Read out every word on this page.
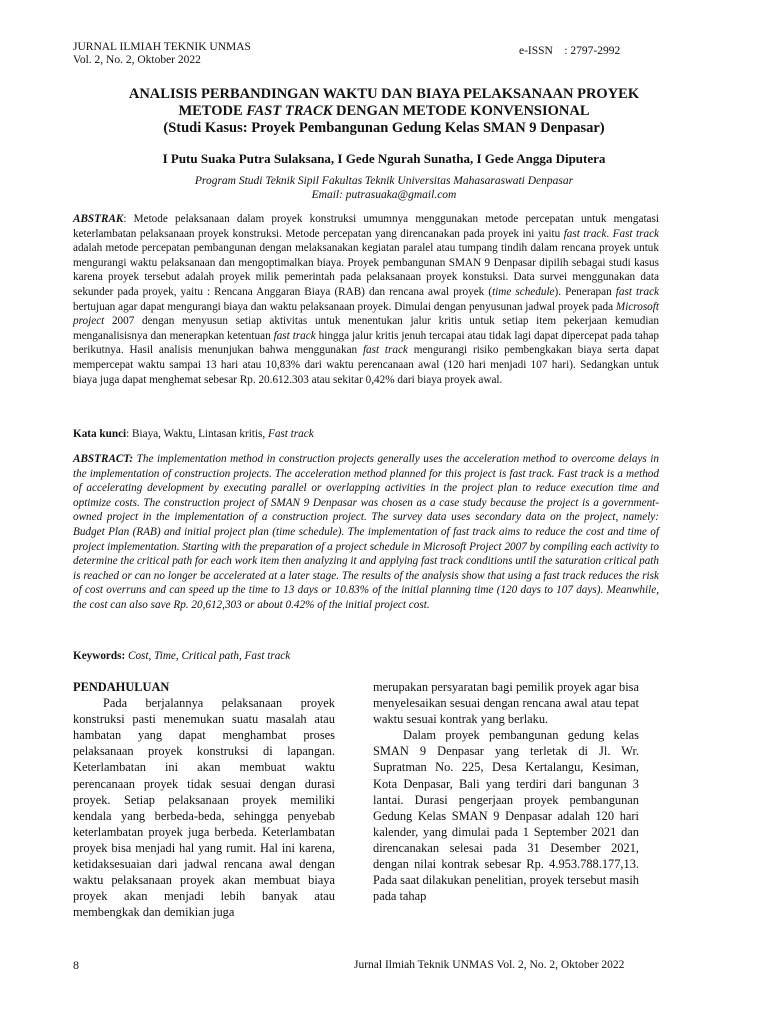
JURNAL ILMIAH TEKNIK UNMAS
Vol. 2, No. 2, Oktober 2022
e-ISSN    : 2797-2992
ANALISIS PERBANDINGAN WAKTU DAN BIAYA PELAKSANAAN PROYEK
METODE FAST TRACK DENGAN METODE KONVENSIONAL
(Studi Kasus: Proyek Pembangunan Gedung Kelas SMAN 9 Denpasar)
I Putu Suaka Putra Sulaksana, I Gede Ngurah Sunatha, I Gede Angga Diputera
Program Studi Teknik Sipil Fakultas Teknik Universitas Mahasaraswati Denpasar
Email: putrasuaka@gmail.com
ABSTRAK: Metode pelaksanaan dalam proyek konstruksi umumnya menggunakan metode percepatan untuk mengatasi keterlambatan pelaksanaan proyek konstruksi. Metode percepatan yang direncanakan pada proyek ini yaitu fast track. Fast track adalah metode percepatan pembangunan dengan melaksanakan kegiatan paralel atau tumpang tindih dalam rencana proyek untuk mengurangi waktu pelaksanaan dan mengoptimalkan biaya. Proyek pembangunan SMAN 9 Denpasar dipilih sebagai studi kasus karena proyek tersebut adalah proyek milik pemerintah pada pelaksanaan proyek konstuksi. Data survei menggunakan data sekunder pada proyek, yaitu : Rencana Anggaran Biaya (RAB) dan rencana awal proyek (time schedule). Penerapan fast track bertujuan agar dapat mengurangi biaya dan waktu pelaksanaan proyek. Dimulai dengan penyusunan jadwal proyek pada Microsoft project 2007 dengan menyusun setiap aktivitas untuk menentukan jalur kritis untuk setiap item pekerjaan kemudian menganalisisnya dan menerapkan ketentuan fast track hingga jalur kritis jenuh tercapai atau tidak lagi dapat dipercepat pada tahap berikutnya. Hasil analisis menunjukan bahwa menggunakan fast track mengurangi risiko pembengkakan biaya serta dapat mempercepat waktu sampai 13 hari atau 10,83% dari waktu perencanaan awal (120 hari menjadi 107 hari). Sedangkan untuk biaya juga dapat menghemat sebesar Rp. 20.612.303 atau sekitar 0,42% dari biaya proyek awal.
Kata kunci: Biaya, Waktu, Lintasan kritis, Fast track
ABSTRACT: The implementation method in construction projects generally uses the acceleration method to overcome delays in the implementation of construction projects. The acceleration method planned for this project is fast track. Fast track is a method of accelerating development by executing parallel or overlapping activities in the project plan to reduce execution time and optimize costs. The construction project of SMAN 9 Denpasar was chosen as a case study because the project is a government-owned project in the implementation of a construction project. The survey data uses secondary data on the project, namely: Budget Plan (RAB) and initial project plan (time schedule). The implementation of fast track aims to reduce the cost and time of project implementation. Starting with the preparation of a project schedule in Microsoft Project 2007 by compiling each activity to determine the critical path for each work item then analyzing it and applying fast track conditions until the saturation critical path is reached or can no longer be accelerated at a later stage. The results of the analysis show that using a fast track reduces the risk of cost overruns and can speed up the time to 13 days or 10.83% of the initial planning time (120 days to 107 days). Meanwhile, the cost can also save Rp. 20,612,303 or about 0.42% of the initial project cost.
Keywords: Cost, Time, Critical path, Fast track
PENDAHULUAN

Pada berjalannya pelaksanaan proyek konstruksi pasti menemukan suatu masalah atau hambatan yang dapat menghambat proses pelaksanaan proyek konstruksi di lapangan. Keterlambatan ini akan membuat waktu perencanaan proyek tidak sesuai dengan durasi proyek. Setiap pelaksanaan proyek memiliki kendala yang berbeda-beda, sehingga penyebab keterlambatan proyek juga berbeda. Keterlambatan proyek bisa menjadi hal yang rumit. Hal ini karena, ketidaksesuaian dari jadwal rencana awal dengan waktu pelaksanaan proyek akan membuat biaya proyek akan menjadi lebih banyak atau membengkak dan demikian juga

merupakan persyaratan bagi pemilik proyek agar bisa menyelesaikan sesuai dengan rencana awal atau tepat waktu sesuai kontrak yang berlaku.

Dalam proyek pembangunan gedung kelas SMAN 9 Denpasar yang terletak di Jl. Wr. Supratman No. 225, Desa Kertalangu, Kesiman, Kota Denpasar, Bali yang terdiri dari bangunan 3 lantai. Durasi pengerjaan proyek pembangunan Gedung Kelas SMAN 9 Denpasar adalah 120 hari kalender, yang dimulai pada 1 September 2021 dan direncanakan selesai pada 31 Desember 2021, dengan nilai kontrak sebesar Rp. 4.953.788.177,13. Pada saat dilakukan penelitian, proyek tersebut masih pada tahap

8	Jurnal Ilmiah Teknik UNMAS Vol. 2, No. 2, Oktober 2022
